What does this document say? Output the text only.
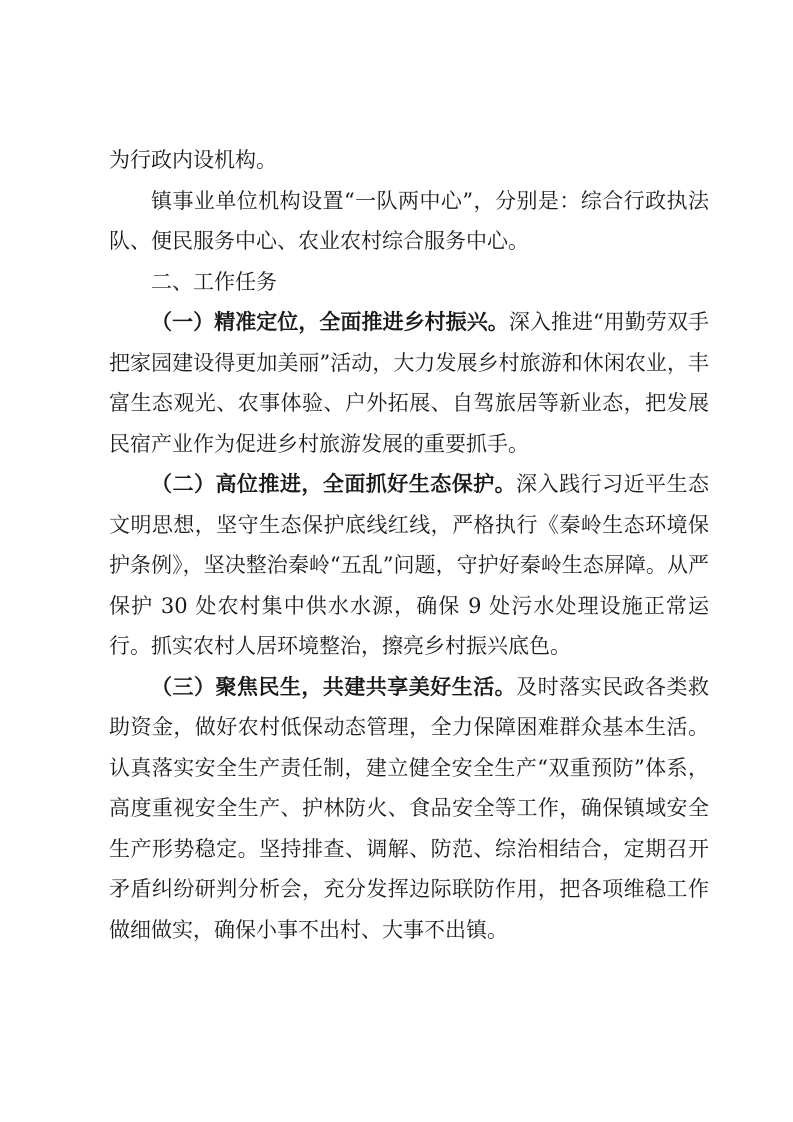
为行政内设机构。

镇事业单位机构设置“一队两中心”，分别是：综合行政执法队、便民服务中心、农业农村综合服务中心。

二、工作任务

（一）精准定位，全面推进乡村振兴。深入推进“用勤劳双手把家园建设得更加美丽”活动，大力发展乡村旅游和休闲农业，丰富生态观光、农事体验、户外拓展、自驾旅居等新业态，把发展民宿产业作为促进乡村旅游发展的重要抓手。

（二）高位推进，全面抓好生态保护。深入践行习近平生态文明思想，坚守生态保护底线红线，严格执行《秦岭生态环境保护条例》，坚决整治秦岭“五乱”问题，守护好秦岭生态屏障。从严保护 30 处农村集中供水水源，确保 9 处污水处理设施正常运行。抓实农村人居环境整治，擦亮乡村振兴底色。

（三）聚焦民生，共建共享美好生活。及时落实民政各类救助资金，做好农村低保动态管理，全力保障困难群众基本生活。认真落实安全生产责任制，建立健全安全生产“双重预防”体系，高度重视安全生产、护林防火、食品安全等工作，确保镇域安全生产形势稳定。坚持排查、调解、防范、综治相结合，定期召开矛盾纠纷研判分析会，充分发挥边际联防作用，把各项维稳工作做细做实，确保小事不出村、大事不出镇。
